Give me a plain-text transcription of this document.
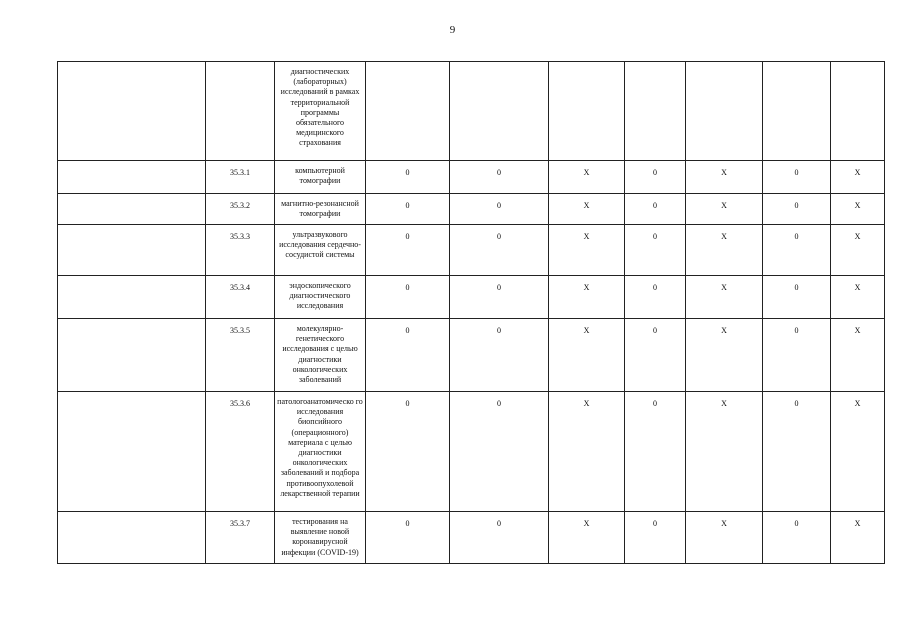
9
		диагностических (лабораторных) исследований в рамках территориальной программы обязательного медицинского страхования							
	35.3.1	компьютерной томографии	0	0	X	0	X	0	X
	35.3.2	магнитно-резонансной томографии	0	0	X	0	X	0	X
	35.3.3	ультразвукового исследования сердечно-сосудистой системы	0	0	X	0	X	0	X
	35.3.4	эндоскопического диагностического исследования	0	0	X	0	X	0	X
	35.3.5	молекулярно-генетического исследования с целью диагностики онкологических заболеваний	0	0	X	0	X	0	X
	35.3.6	патологоанатомическо го исследования биопсийного (операционного) материала с целью диагностики онкологических заболеваний и подбора противоопухолевой лекарственной терапии	0	0	X	0	X	0	X
	35.3.7	тестирования на выявление новой коронавирусной инфекции (COVID-19)	0	0	X	0	X	0	X
